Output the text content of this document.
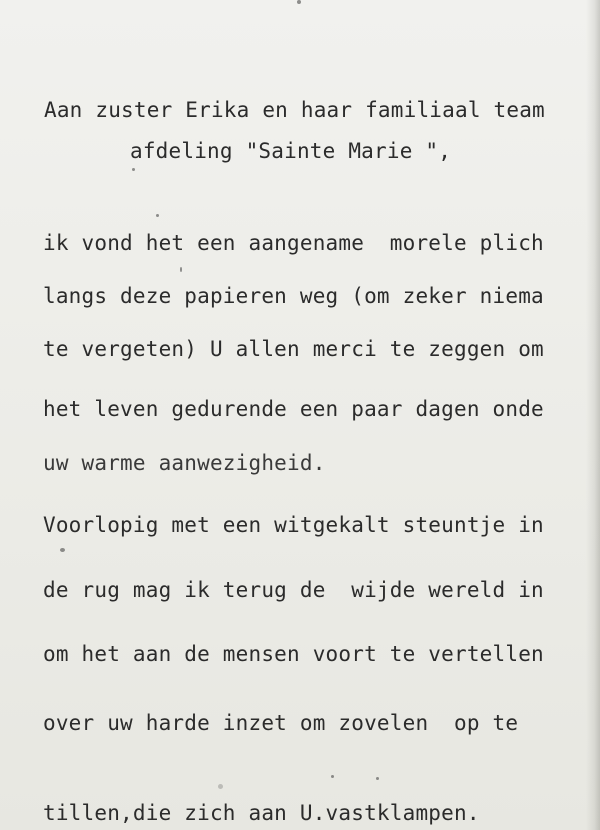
Aan zuster Erika en haar familiaal team
afdeling "Sainte Marie ",
ik vond het een aangename  morele plich
langs deze papieren weg (om zeker niema
te vergeten) U allen merci te zeggen om
het leven gedurende een paar dagen onde
uw warme aanwezigheid.
Voorlopig met een witgekalt steuntje in
de rug mag ik terug de  wijde wereld in
om het aan de mensen voort te vertellen
over uw harde inzet om zovelen  op te
tillen,die zich aan U.vastklampen.
